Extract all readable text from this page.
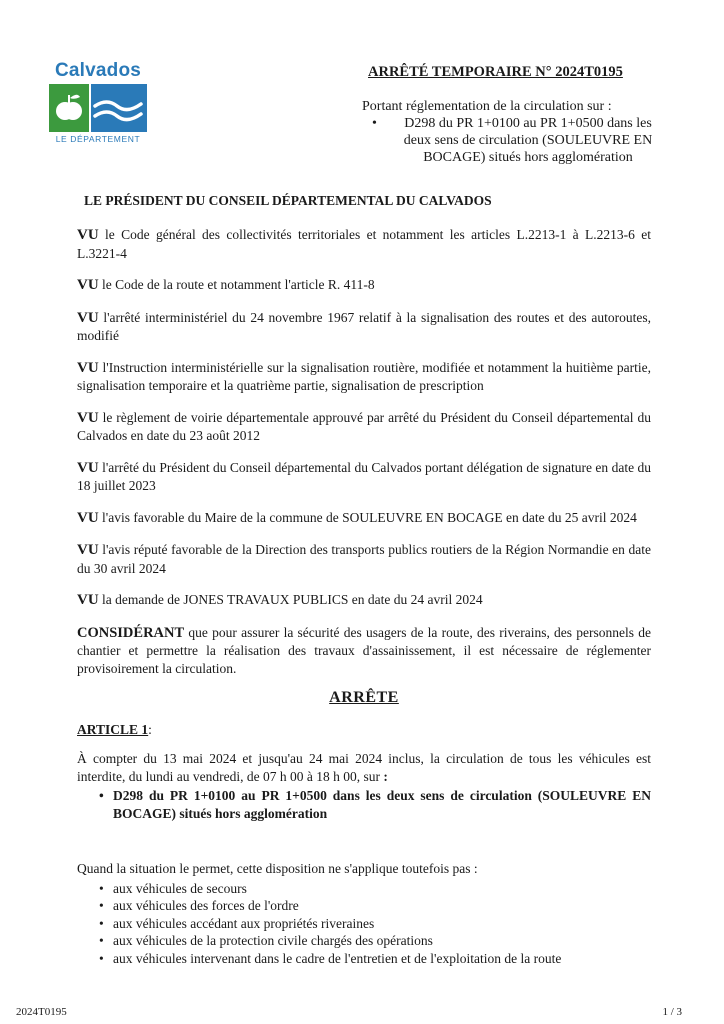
Calvados
LE DÉPARTEMENT
ARRÊTÉ TEMPORAIRE N° 2024T0195
Portant réglementation de la circulation sur :
• D298 du PR 1+0100 au PR 1+0500 dans les deux sens de circulation (SOULEUVRE EN BOCAGE) situés hors agglomération
LE PRÉSIDENT DU CONSEIL DÉPARTEMENTAL DU CALVADOS

VU le Code général des collectivités territoriales et notamment les articles L.2213-1 à L.2213-6 et L.3221-4

VU le Code de la route et notamment l'article R. 411-8

VU l'arrêté interministériel du 24 novembre 1967 relatif à la signalisation des routes et des autoroutes, modifié

VU l'Instruction interministérielle sur la signalisation routière, modifiée et notamment la huitième partie, signalisation temporaire et la quatrième partie, signalisation de prescription

VU le règlement de voirie départementale approuvé par arrêté du Président du Conseil départemental du Calvados en date du 23 août 2012

VU l'arrêté du Président du Conseil départemental du Calvados portant délégation de signature en date du 18 juillet 2023

VU l'avis favorable du Maire de la commune de SOULEUVRE EN BOCAGE en date du 25 avril 2024

VU l'avis réputé favorable de la Direction des transports publics routiers de la Région Normandie en date du 30 avril 2024

VU la demande de JONES TRAVAUX PUBLICS en date du 24 avril 2024

CONSIDÉRANT que pour assurer la sécurité des usagers de la route, des riverains, des personnels de chantier et permettre la réalisation des travaux d'assainissement, il est nécessaire de réglementer provisoirement la circulation.

ARRÊTE
ARTICLE 1:

À compter du 13 mai 2024 et jusqu'au 24 mai 2024 inclus, la circulation de tous les véhicules est interdite, du lundi au vendredi, de 07 h 00 à 18 h 00, sur :

• D298 du PR 1+0100 au PR 1+0500 dans les deux sens de circulation (SOULEUVRE EN BOCAGE) situés hors agglomération

Quand la situation le permet, cette disposition ne s'applique toutefois pas :

• aux véhicules de secours
• aux véhicules des forces de l'ordre
• aux véhicules accédant aux propriétés riveraines
• aux véhicules de la protection civile chargés des opérations
• aux véhicules intervenant dans le cadre de l'entretien et de l'exploitation de la route
2024T0195	1 / 3
